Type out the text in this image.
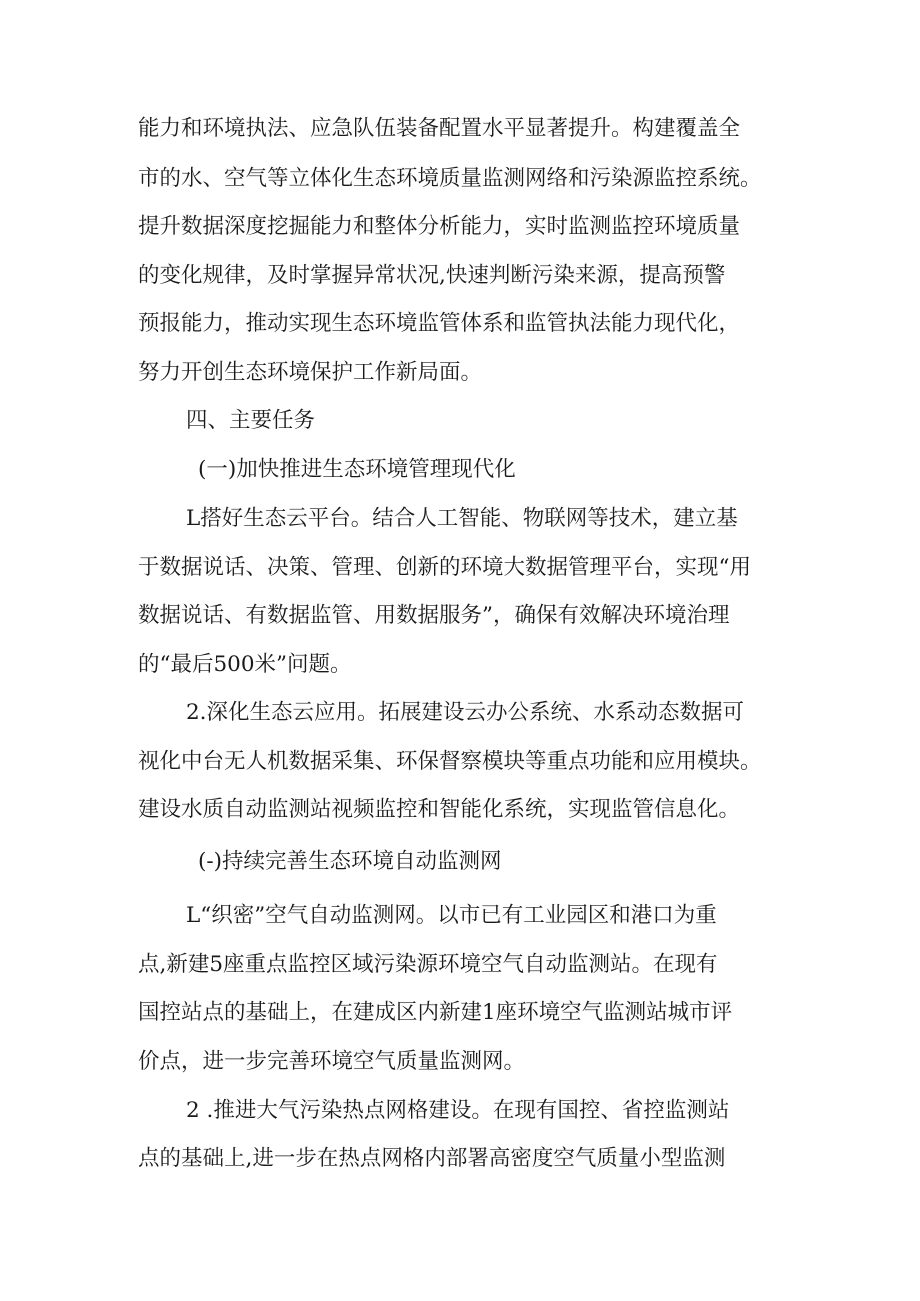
能力和环境执法、应急队伍装备配置水平显著提升。构建覆盖全
市的水、空气等立体化生态环境质量监测网络和污染源监控系统。
提升数据深度挖掘能力和整体分析能力，实时监测监控环境质量
的变化规律，及时掌握异常状况,快速判断污染来源，提高预警
预报能力，推动实现生态环境监管体系和监管执法能力现代化，
努力开创生态环境保护工作新局面。
四、主要任务
(一)加快推进生态环境管理现代化
L搭好生态云平台。结合人工智能、物联网等技术，建立基
于数据说话、决策、管理、创新的环境大数据管理平台，实现“用
数据说话、有数据监管、用数据服务”，确保有效解决环境治理
的“最后500米”问题。
2.深化生态云应用。拓展建设云办公系统、水系动态数据可
视化中台无人机数据采集、环保督察模块等重点功能和应用模块。
建设水质自动监测站视频监控和智能化系统，实现监管信息化。
(-)持续完善生态环境自动监测网
L“织密”空气自动监测网。以市已有工业园区和港口为重
点,新建5座重点监控区域污染源环境空气自动监测站。在现有
国控站点的基础上，在建成区内新建1座环境空气监测站城市评
价点，进一步完善环境空气质量监测网。
2 .推进大气污染热点网格建设。在现有国控、省控监测站
点的基础上,进一步在热点网格内部署高密度空气质量小型监测
